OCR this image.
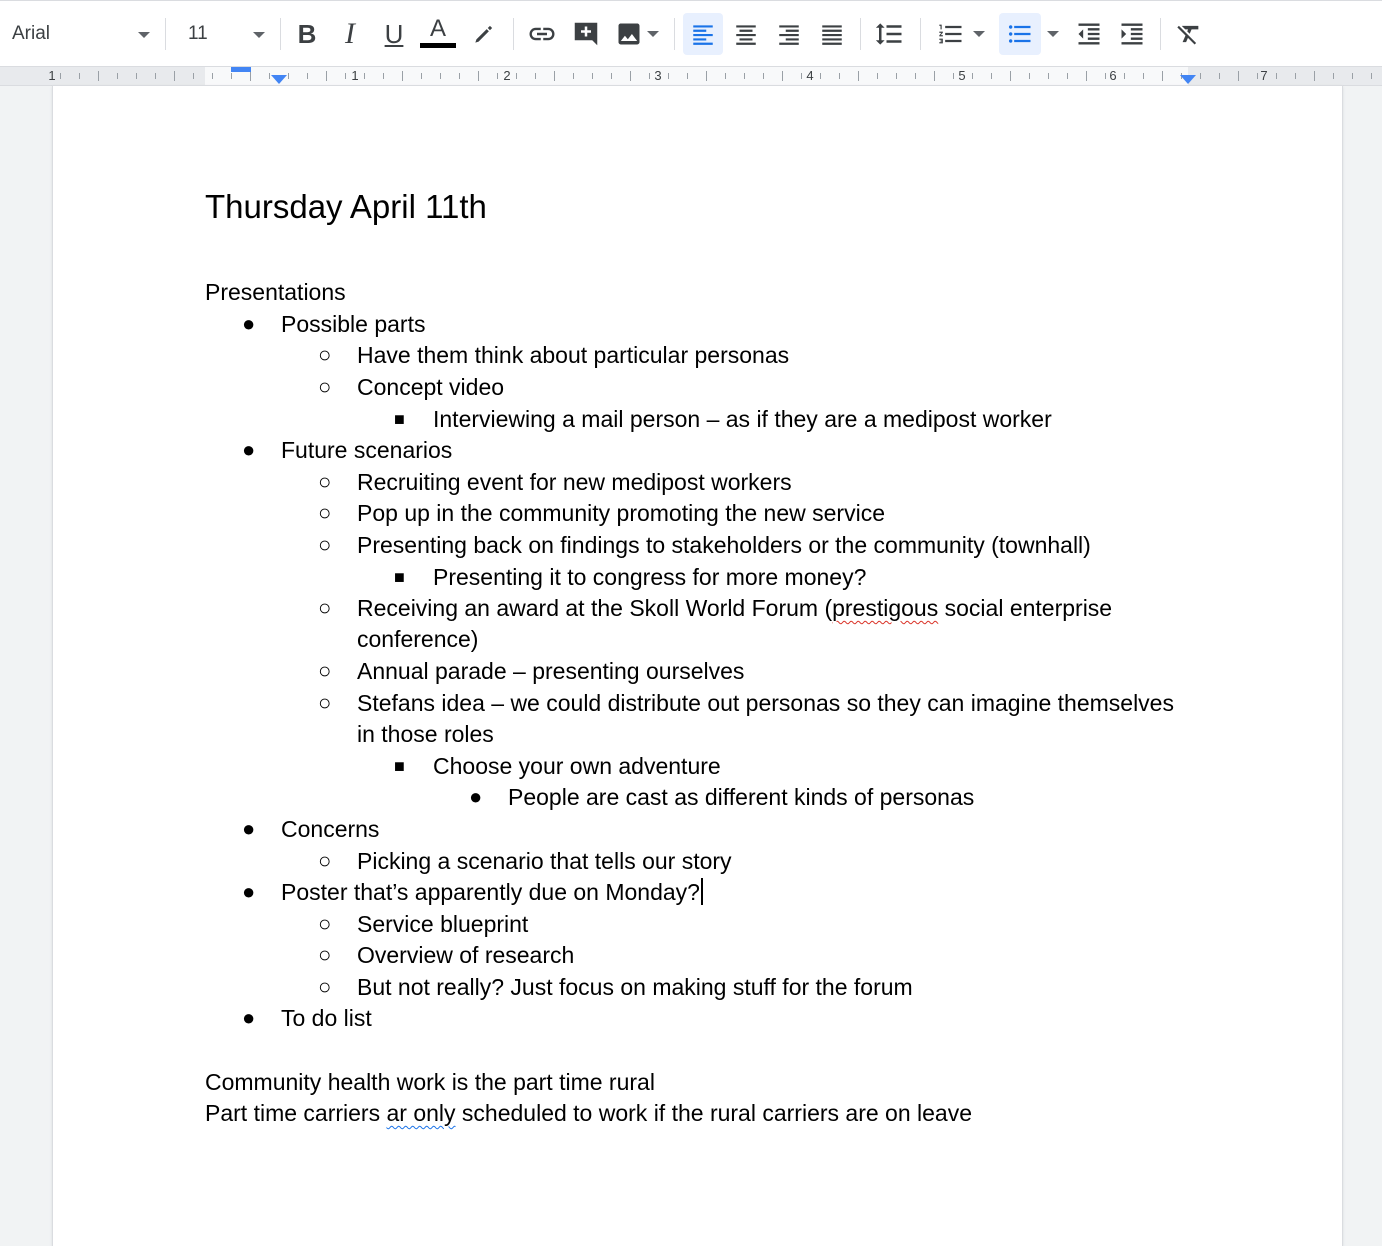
Arial	11	B I U A
1	1	2	3	4	5	6	7
Thursday April 11th
Presentations
● Possible parts
○ Have them think about particular personas
○ Concept video
■ Interviewing a mail person – as if they are a medipost worker
● Future scenarios
○ Recruiting event for new medipost workers
○ Pop up in the community promoting the new service
○ Presenting back on findings to stakeholders or the community (townhall)
■ Presenting it to congress for more money?
○ Receiving an award at the Skoll World Forum (prestigous social enterprise
conference)
○ Annual parade – presenting ourselves
○ Stefans idea – we could distribute out personas so they can imagine themselves
in those roles
■ Choose your own adventure
● People are cast as different kinds of personas
● Concerns
○ Picking a scenario that tells our story
● Poster that’s apparently due on Monday?
○ Service blueprint
○ Overview of research
○ But not really? Just focus on making stuff for the forum
● To do list
Community health work is the part time rural
Part time carriers ar only scheduled to work if the rural carriers are on leave
